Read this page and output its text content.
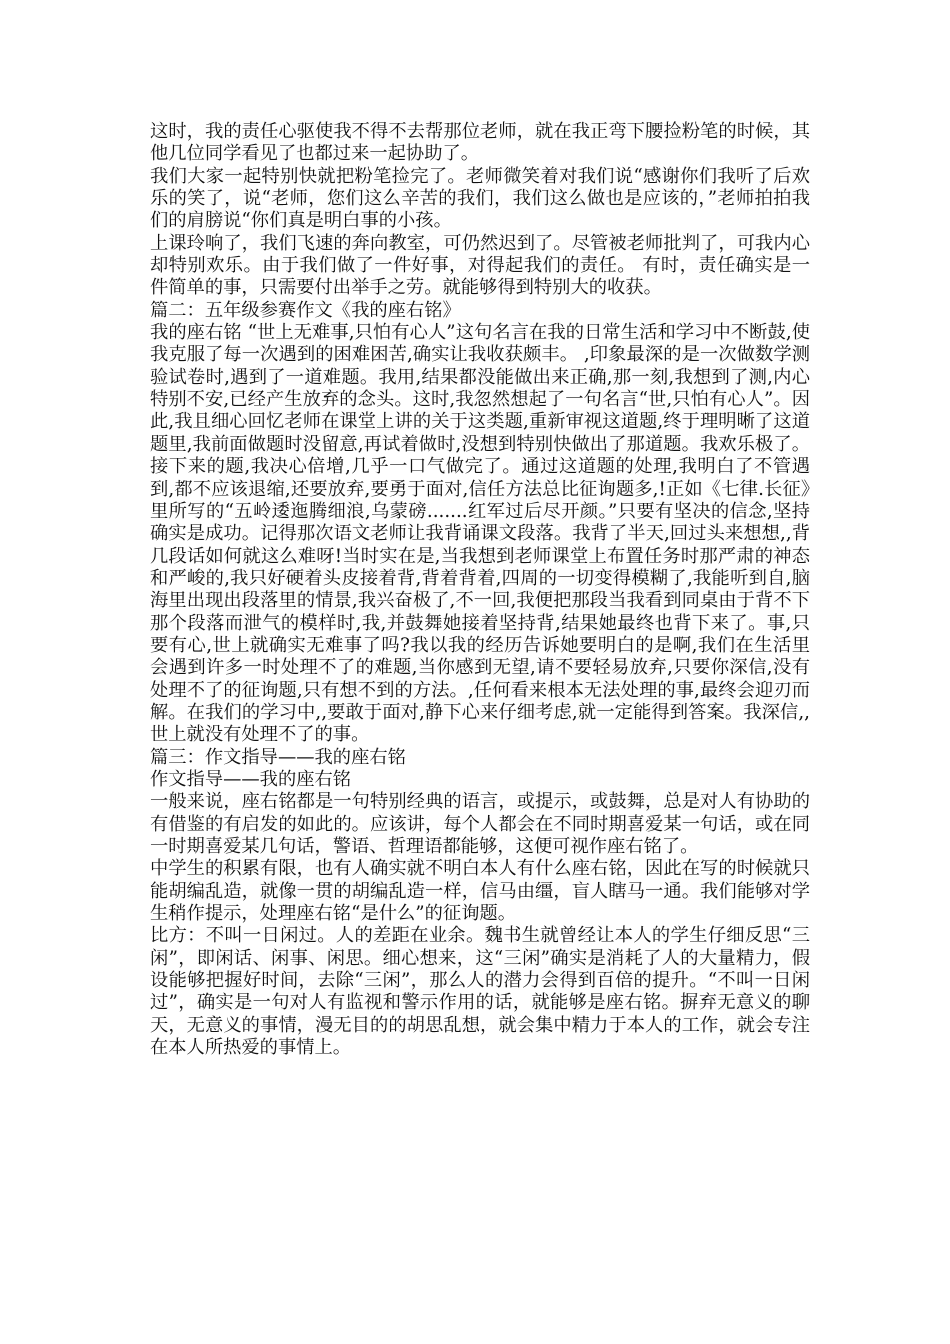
这时，我的责任心驱使我不得不去帮那位老师，就在我正弯下腰捡粉笔的时候，其他几位同学看见了也都过来一起协助了。

我们大家一起特别快就把粉笔捡完了。老师微笑着对我们说“感谢你们我听了后欢乐的笑了，说“老师，您们这么辛苦的我们，我们这么做也是应该的，”老师拍拍我们的肩膀说“你们真是明白事的小孩。

上课玲响了，我们飞速的奔向教室，可仍然迟到了。尽管被老师批判了，可我内心却特别欢乐。由于我们做了一件好事，对得起我们的责任。 有时，责任确实是一件简单的事，只需要付出举手之劳。就能够得到特别大的收获。

篇二：五年级参赛作文《我的座右铭》

我的座右铭 “世上无难事,只怕有心人”这句名言在我的日常生活和学习中不断鼓,使我克服了每一次遇到的困难困苦,确实让我收获颇丰。 ,印象最深的是一次做数学测验试卷时,遇到了一道难题。我用,结果都没能做出来正确,那一刻,我想到了测,内心特别不安,已经产生放弃的念头。这时,我忽然想起了一句名言“世,只怕有心人”。因此,我且细心回忆老师在课堂上讲的关于这类题,重新审视这道题,终于理明晰了这道题里,我前面做题时没留意,再试着做时,没想到特别快做出了那道题。我欢乐极了。接下来的题,我决心倍增,几乎一口气做完了。通过这道题的处理,我明白了不管遇到,都不应该退缩,还要放弃,要勇于面对,信任方法总比征询题多,!正如《七律.长征》里所写的“五岭逶迤腾细浪,乌蒙磅.......红军过后尽开颜。”只要有坚决的信念,坚持确实是成功。记得那次语文老师让我背诵课文段落。我背了半天,回过头来想想,,背几段话如何就这么难呀!当时实在是,当我想到老师课堂上布置任务时那严肃的神态和严峻的,我只好硬着头皮接着背,背着背着,四周的一切变得模糊了,我能听到自,脑海里出现出段落里的情景,我兴奋极了,不一回,我便把那段当我看到同桌由于背不下那个段落而泄气的模样时,我,并鼓舞她接着坚持背,结果她最终也背下来了。事,只要有心,世上就确实无难事了吗?我以我的经历告诉她要明白的是啊,我们在生活里会遇到许多一时处理不了的难题,当你感到无望,请不要轻易放弃,只要你深信,没有处理不了的征询题,只有想不到的方法。,任何看来根本无法处理的事,最终会迎刃而解。在我们的学习中,,要敢于面对,静下心来仔细考虑,就一定能得到答案。我深信,,世上就没有处理不了的事。

篇三：作文指导——我的座右铭

作文指导——我的座右铭

一般来说，座右铭都是一句特别经典的语言，或提示，或鼓舞，总是对人有协助的有借鉴的有启发的如此的。应该讲，每个人都会在不同时期喜爱某一句话，或在同一时期喜爱某几句话，警语、哲理语都能够，这便可视作座右铭了。

中学生的积累有限，也有人确实就不明白本人有什么座右铭，因此在写的时候就只能胡编乱造，就像一贯的胡编乱造一样，信马由缰，盲人瞎马一通。我们能够对学生稍作提示，处理座右铭“是什么”的征询题。

比方：不叫一日闲过。人的差距在业余。魏书生就曾经让本人的学生仔细反思“三闲”，即闲话、闲事、闲思。细心想来，这“三闲”确实是消耗了人的大量精力，假设能够把握好时间，去除“三闲”，那么人的潜力会得到百倍的提升。“不叫一日闲过”，确实是一句对人有监视和警示作用的话，就能够是座右铭。摒弃无意义的聊天，无意义的事情，漫无目的的胡思乱想，就会集中精力于本人的工作，就会专注在本人所热爱的事情上。
